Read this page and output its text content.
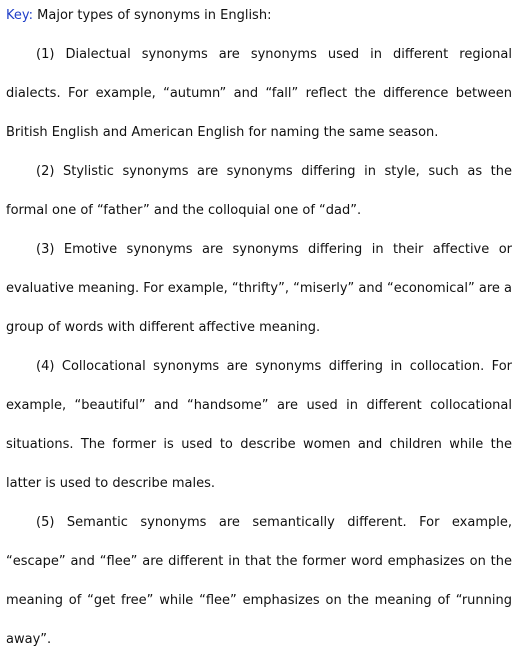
Key: Major types of synonyms in English:

(1) Dialectual synonyms are synonyms used in different regional dialects. For example, “autumn” and “fall” reflect the difference between British English and American English for naming the same season.

(2) Stylistic synonyms are synonyms differing in style, such as the formal one of “father” and the colloquial one of “dad”.

(3) Emotive synonyms are synonyms differing in their affective or evaluative meaning. For example, “thrifty”, “miserly” and “economical” are a group of words with different affective meaning.

(4) Collocational synonyms are synonyms differing in collocation. For example, “beautiful” and “handsome” are used in different collocational situations. The former is used to describe women and children while the latter is used to describe males.

(5) Semantic synonyms are semantically different. For example, “escape” and “flee” are different in that the former word emphasizes on the meaning of “get free” while “flee” emphasizes on the meaning of “running away”.
